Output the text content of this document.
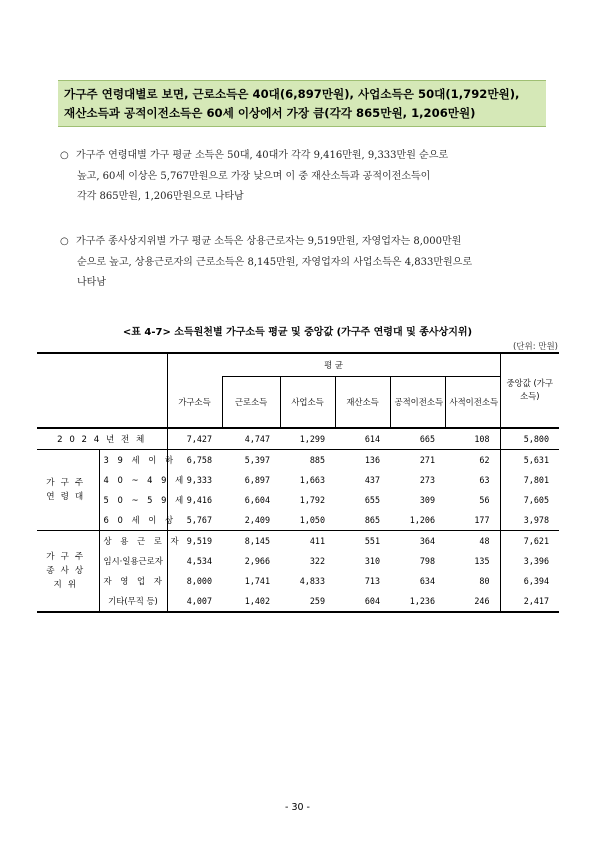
가구주 연령대별로 보면, 근로소득은 40대(6,897만원), 사업소득은 50대(1,792만원),
재산소득과 공적이전소득은 60세 이상에서 가장 큼(각각 865만원, 1,206만원)
○ 가구주 연령대별 가구 평균 소득은 50대, 40대가 각각 9,416만원, 9,333만원 순으로
높고, 60세 이상은 5,767만원으로 가장 낮으며 이 중 재산소득과 공적이전소득이
각각 865만원, 1,206만원으로 나타남
○ 가구주 종사상지위별 가구 평균 소득은 상용근로자는 9,519만원, 자영업자는 8,000만원
순으로 높고, 상용근로자의 근로소득은 8,145만원, 자영업자의 사업소득은 4,833만원으로
나타남
<표 4-7> 소득원천별 가구소득 평균 및 중앙값 (가구주 연령대 및 종사상지위)
(단위: 만원)
		평 균						중앙값 (가구소득)
		가구소득	근로소득	사업소득	재산소득	공적이전소득	사적이전소득	
2 0 2 4 년 전 체		7,427	4,747	1,299	614	665	108	5,800
가구주 연령대	3 9 세 이 하	6,758	5,397	885	136	271	62	5,631
	4 0 ~ 4 9 세	9,333	6,897	1,663	437	273	63	7,801
	5 0 ~ 5 9 세	9,416	6,604	1,792	655	309	56	7,605
	6 0 세 이 상	5,767	2,409	1,050	865	1,206	177	3,978
가구주 종사상지위	상 용 근 로 자	9,519	8,145	411	551	364	48	7,621
	임시·일용근로자	4,534	2,966	322	310	798	135	3,396
	자 영 업 자	8,000	1,741	4,833	713	634	80	6,394
	기타(무직 등)	4,007	1,402	259	604	1,236	246	2,417
- 30 -
